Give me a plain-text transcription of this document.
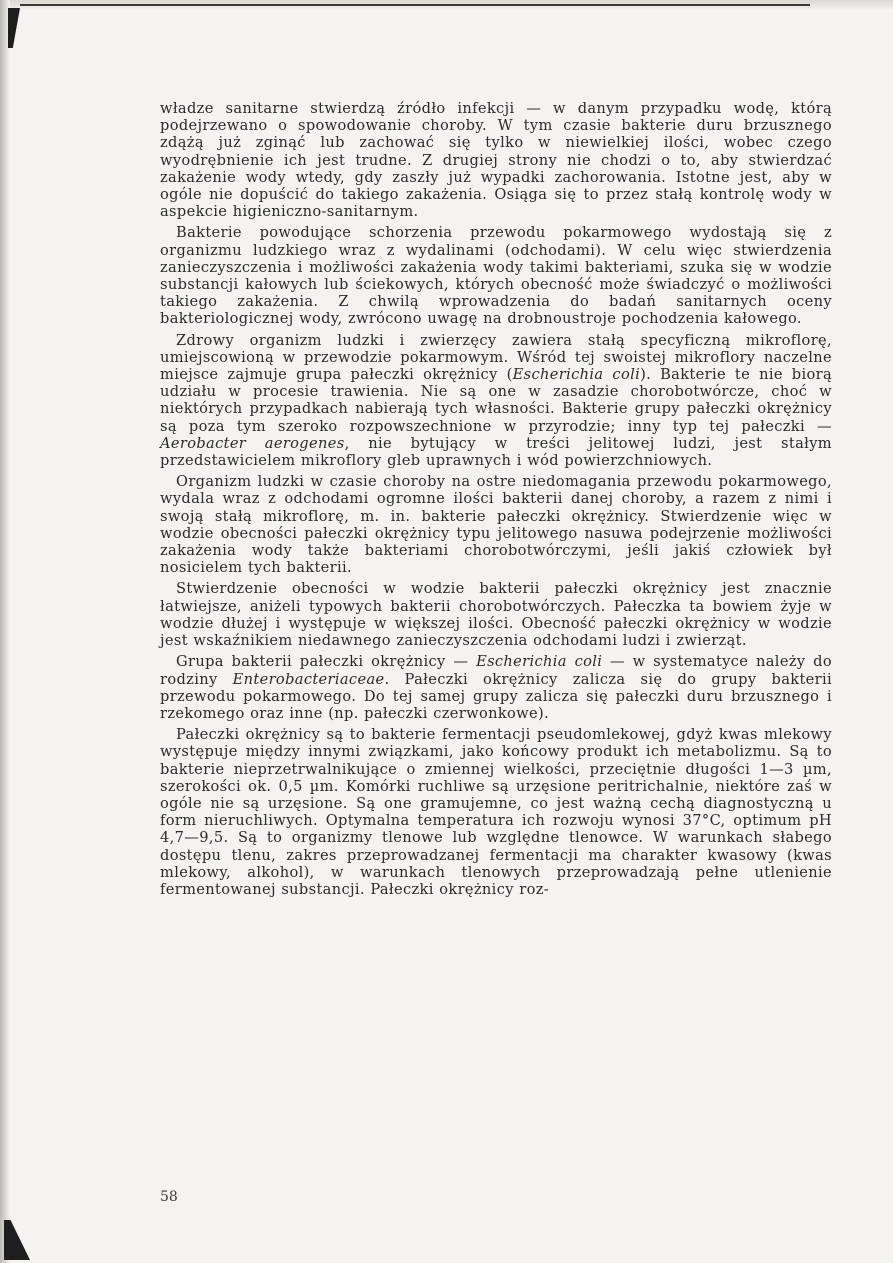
władze sanitarne stwierdzą źródło infekcji — w danym przypadku wodę, którą podejrzewano o spowodowanie choroby. W tym czasie bakterie duru brzusznego zdążą już zginąć lub zachować się tylko w niewielkiej ilości, wobec czego wyodrębnienie ich jest trudne. Z drugiej strony nie chodzi o to, aby stwierdzać zakażenie wody wtedy, gdy zaszły już wypadki zachorowania. Istotne jest, aby w ogóle nie dopuścić do takiego zakażenia. Osiąga się to przez stałą kontrolę wody w aspekcie higieniczno-sanitarnym.

Bakterie powodujące schorzenia przewodu pokarmowego wydostają się z organizmu ludzkiego wraz z wydalinami (odchodami). W celu więc stwierdzenia zanieczyszczenia i możliwości zakażenia wody takimi bakteriami, szuka się w wodzie substancji kałowych lub ściekowych, których obecność może świadczyć o możliwości takiego zakażenia. Z chwilą wprowadzenia do badań sanitarnych oceny bakteriologicznej wody, zwrócono uwagę na drobnoustroje pochodzenia kałowego.

Zdrowy organizm ludzki i zwierzęcy zawiera stałą specyficzną mikroflorę, umiejscowioną w przewodzie pokarmowym. Wśród tej swoistej mikroflory naczelne miejsce zajmuje grupa pałeczki okrężnicy (Escherichia coli). Bakterie te nie biorą udziału w procesie trawienia. Nie są one w zasadzie chorobotwórcze, choć w niektórych przypadkach nabierają tych własności. Bakterie grupy pałeczki okrężnicy są poza tym szeroko rozpowszechnione w przyrodzie; inny typ tej pałeczki — Aerobacter aerogenes, nie bytujący w treści jelitowej ludzi, jest stałym przedstawicielem mikroflory gleb uprawnych i wód powierzchniowych.

Organizm ludzki w czasie choroby na ostre niedomagania przewodu pokarmowego, wydala wraz z odchodami ogromne ilości bakterii danej choroby, a razem z nimi i swoją stałą mikroflorę, m. in. bakterie pałeczki okrężnicy. Stwierdzenie więc w wodzie obecności pałeczki okrężnicy typu jelitowego nasuwa podejrzenie możliwości zakażenia wody także bakteriami chorobotwórczymi, jeśli jakiś człowiek był nosicielem tych bakterii.

Stwierdzenie obecności w wodzie bakterii pałeczki okrężnicy jest znacznie łatwiejsze, aniżeli typowych bakterii chorobotwórczych. Pałeczka ta bowiem żyje w wodzie dłużej i występuje w większej ilości. Obecność pałeczki okrężnicy w wodzie jest wskaźnikiem niedawnego zanieczyszczenia odchodami ludzi i zwierząt.

Grupa bakterii pałeczki okrężnicy — Escherichia coli — w systematyce należy do rodziny Enterobacteriaceae. Pałeczki okrężnicy zalicza się do grupy bakterii przewodu pokarmowego. Do tej samej grupy zalicza się pałeczki duru brzusznego i rzekomego oraz inne (np. pałeczki czerwonkowe).

Pałeczki okrężnicy są to bakterie fermentacji pseudomlekowej, gdyż kwas mlekowy występuje między innymi związkami, jako końcowy produkt ich metabolizmu. Są to bakterie nieprzetrwalnikujące o zmiennej wielkości, przeciętnie długości 1—3 µm, szerokości ok. 0,5 µm. Komórki ruchliwe są urzęsione peritrichalnie, niektóre zaś w ogóle nie są urzęsione. Są one gramujemne, co jest ważną cechą diagnostyczną u form nieruchliwych. Optymalna temperatura ich rozwoju wynosi 37°C, optimum pH 4,7—9,5. Są to organizmy tlenowe lub względne tlenowce. W warunkach słabego dostępu tlenu, zakres przeprowadzanej fermentacji ma charakter kwasowy (kwas mlekowy, alkohol), w warunkach tlenowych przeprowadzają pełne utlenienie fermentowanej substancji. Pałeczki okrężnicy roz-

58
